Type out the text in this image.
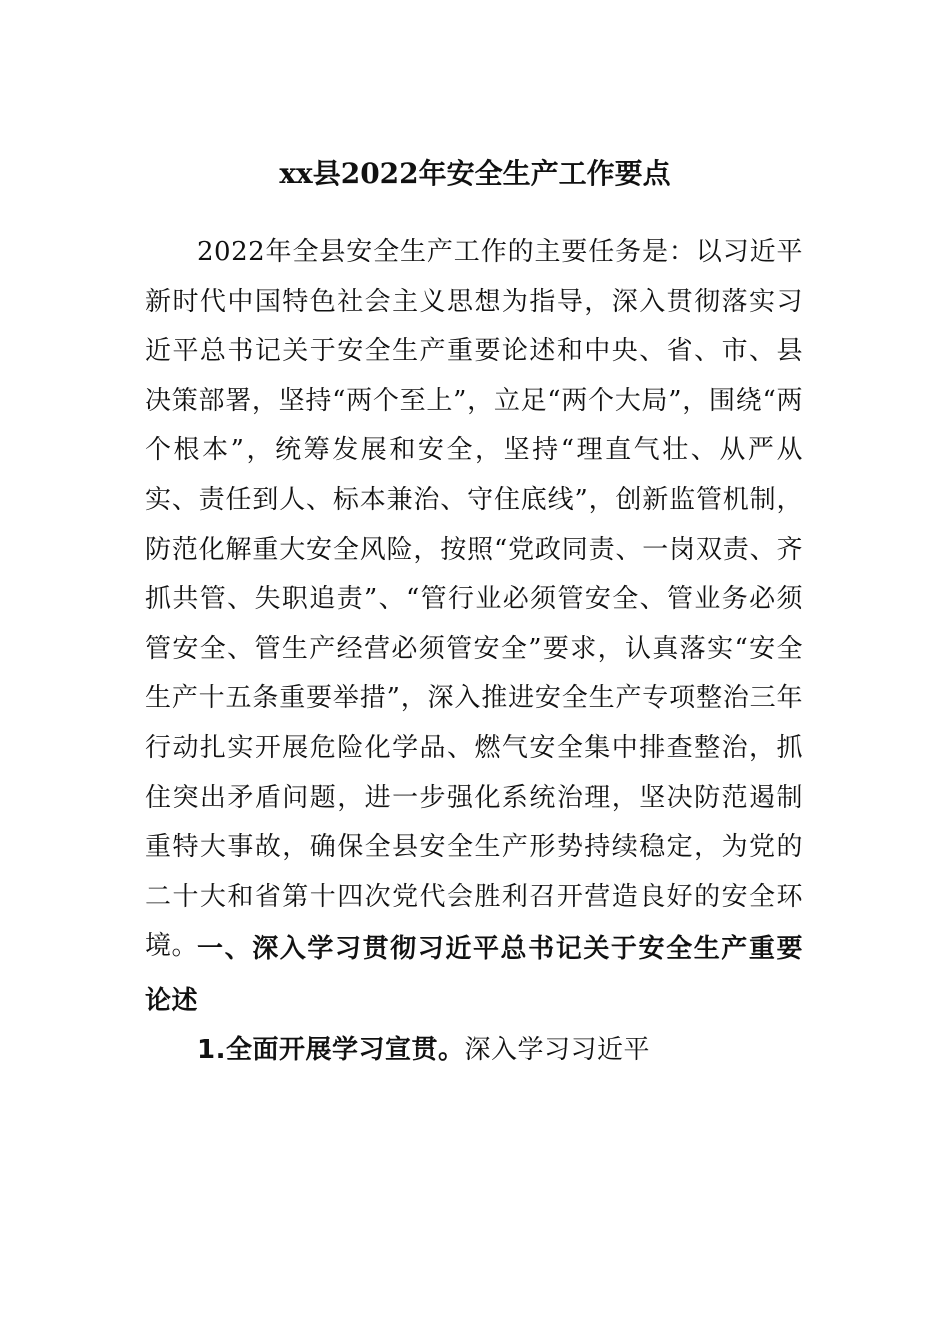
xx县2022年安全生产工作要点
2022年全县安全生产工作的主要任务是：以习近平新时代中国特色社会主义思想为指导，深入贯彻落实习近平总书记关于安全生产重要论述和中央、省、市、县决策部署，坚持“两个至上”，立足“两个大局”，围绕“两个根本”，统筹发展和安全，坚持“理直气壮、从严从实、责任到人、标本兼治、守住底线”，创新监管机制，防范化解重大安全风险，按照“党政同责、一岗双责、齐抓共管、失职追责”、“管行业必须管安全、管业务必须管安全、管生产经营必须管安全”要求，认真落实“安全生产十五条重要举措”，深入推进安全生产专项整治三年行动扎实开展危险化学品、燃气安全集中排查整治，抓住突出矛盾问题，进一步强化系统治理，坚决防范遏制重特大事故，确保全县安全生产形势持续稳定，为党的二十大和省第十四次党代会胜利召开营造良好的安全环境。
一、深入学习贯彻习近平总书记关于安全生产重要论述
1.全面开展学习宣贯。深入学习习近平
